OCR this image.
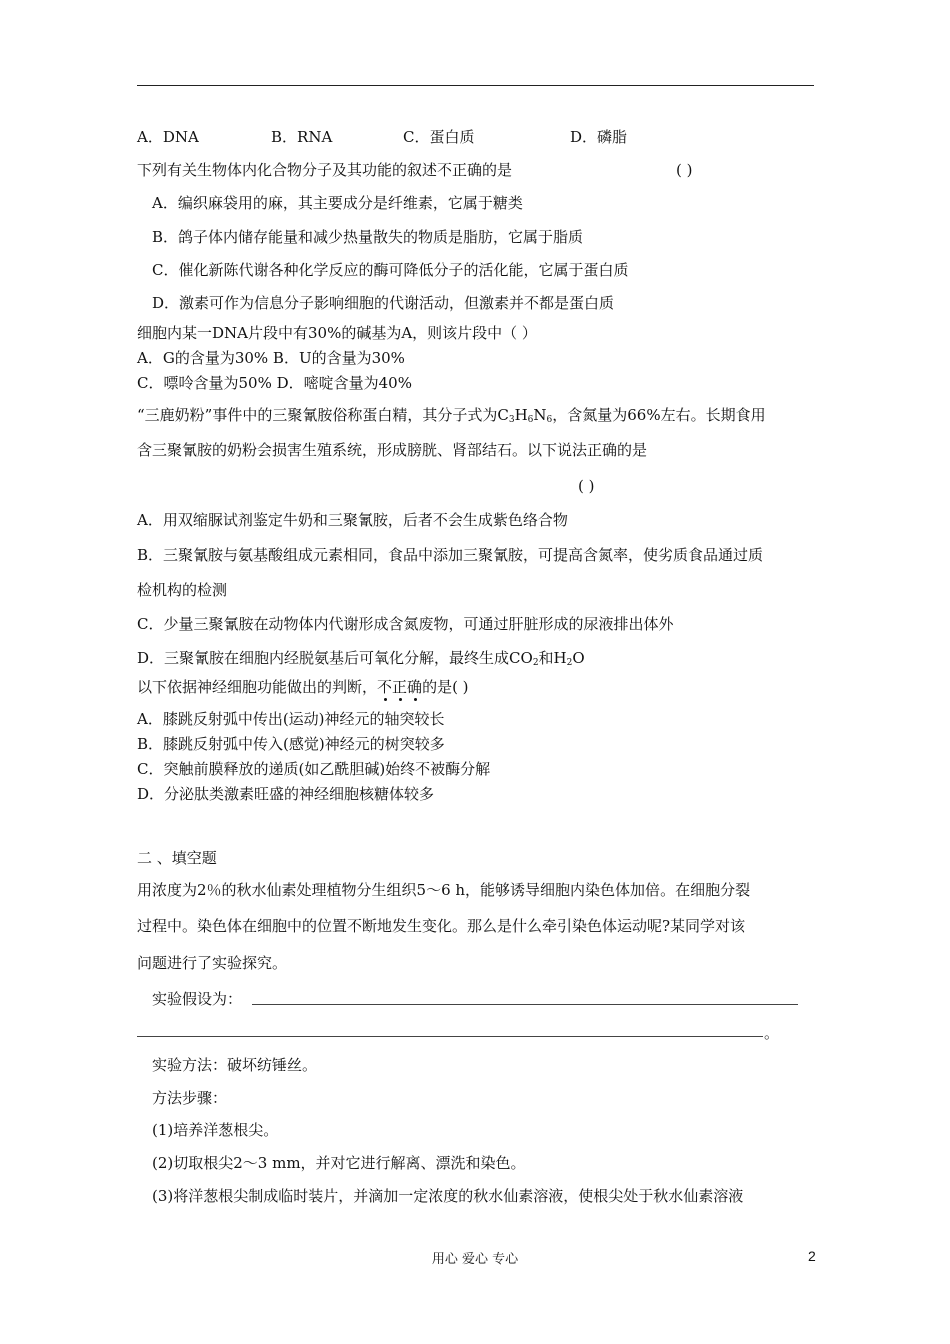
A．DNA	B．RNA	C．蛋白质	D．磷脂
下列有关生物体内化合物分子及其功能的叙述不正确的是	( )
A．编织麻袋用的麻，其主要成分是纤维素，它属于糖类
B．鸽子体内储存能量和减少热量散失的物质是脂肪，它属于脂质
C．催化新陈代谢各种化学反应的酶可降低分子的活化能，它属于蛋白质
D．激素可作为信息分子影响细胞的代谢活动，但激素并不都是蛋白质
细胞内某一DNA片段中有30%的碱基为A，则该片段中（ ）
A．G的含量为30% B．U的含量为30%
C．嘌呤含量为50% D．嘧啶含量为40%
“三鹿奶粉”事件中的三聚氰胺俗称蛋白精，其分子式为$C_3H_6N_6$，含氮量为66%左右。长期食用
含三聚氰胺的奶粉会损害生殖系统，形成膀胱、肾部结石。以下说法正确的是
( )
A．用双缩脲试剂鉴定牛奶和三聚氰胺，后者不会生成紫色络合物
B．三聚氰胺与氨基酸组成元素相同，食品中添加三聚氰胺，可提高含氮率，使劣质食品通过质
检机构的检测
C．少量三聚氰胺在动物体内代谢形成含氮废物，可通过肝脏形成的尿液排出体外
D．三聚氰胺在细胞内经脱氨基后可氧化分解，最终生成$CO_2$和$H_2O$
以下依据神经细胞功能做出的判断，不正确的是( )
A．膝跳反射弧中传出(运动)神经元的轴突较长
B．膝跳反射弧中传入(感觉)神经元的树突较多
C．突触前膜释放的递质(如乙酰胆碱)始终不被酶分解
D．分泌肽类激素旺盛的神经细胞核糖体较多
二 、填空题
用浓度为2％的秋水仙素处理植物分生组织5～6 h，能够诱导细胞内染色体加倍。在细胞分裂
过程中。染色体在细胞中的位置不断地发生变化。那么是什么牵引染色体运动呢?某同学对该
问题进行了实验探究。
实验假设为：
。
实验方法：破坏纺锤丝。
方法步骤：
(1)培养洋葱根尖。
(2)切取根尖2～3 mm，并对它进行解离、漂洗和染色。
(3)将洋葱根尖制成临时装片，并滴加一定浓度的秋水仙素溶液，使根尖处于秋水仙素溶液
用心 爱心 专心	2
